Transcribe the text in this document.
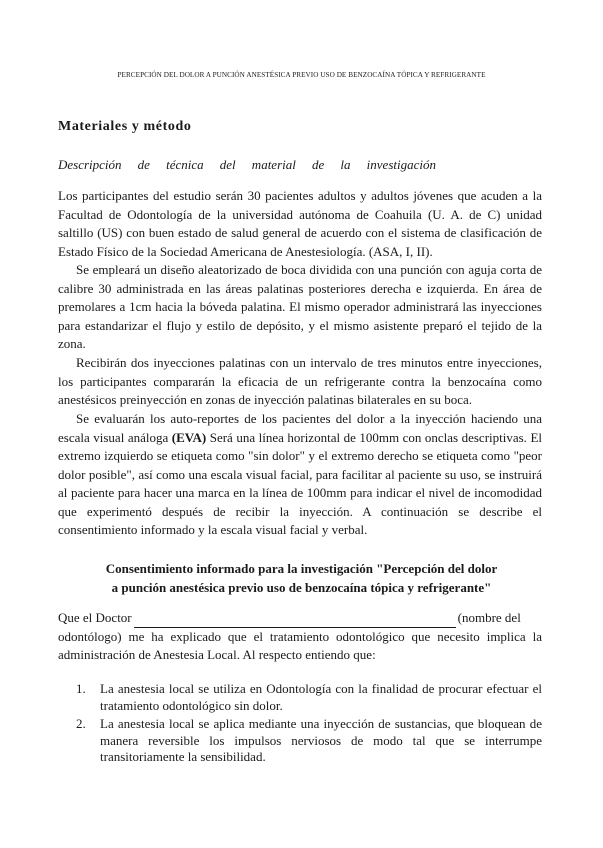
PERCEPCIÓN DEL DOLOR A PUNCIÓN ANESTÉSICA PREVIO USO DE BENZOCAÍNA TÓPICA Y REFRIGERANTE
Materiales y método
Descripción de técnica del material de la investigación

Los participantes del estudio serán 30 pacientes adultos y adultos jóvenes que acuden a la Facultad de Odontología de la universidad autónoma de Coahuila (U. A. de C) unidad saltillo (US) con buen estado de salud general de acuerdo con el sistema de clasificación de Estado Físico de la Sociedad Americana de Anestesiología. (ASA, I, II).

Se empleará un diseño aleatorizado de boca dividida con una punción con aguja corta de calibre 30 administrada en las áreas palatinas posteriores derecha e izquierda. En área de premolares a 1cm hacia la bóveda palatina. El mismo operador administrará las inyecciones para estandarizar el flujo y estilo de depósito, y el mismo asistente preparó el tejido de la zona.

Recibirán dos inyecciones palatinas con un intervalo de tres minutos entre inyecciones, los participantes compararán la eficacia de un refrigerante contra la benzocaína como anestésicos preinyección en zonas de inyección palatinas bilaterales en su boca.

Se evaluarán los auto-reportes de los pacientes del dolor a la inyección haciendo una escala visual análoga (EVA) Será una línea horizontal de 100mm con onclas descriptivas. El extremo izquierdo se etiqueta como "sin dolor" y el extremo derecho se etiqueta como "peor dolor posible", así como una escala visual facial, para facilitar al paciente su uso, se instruirá al paciente para hacer una marca en la línea de 100mm para indicar el nivel de incomodidad que experimentó después de recibir la inyección. A continuación se describe el consentimiento informado y la escala visual facial y verbal.

Consentimiento informado para la investigación "Percepción del dolor
a punción anestésica previo uso de benzocaína tópica y refrigerante"
Que el Doctor	(nombre del
odontólogo) me ha explicado que el tratamiento odontológico que necesito implica la administración de Anestesia Local. Al respecto entiendo que:
1. La anestesia local se utiliza en Odontología con la finalidad de procurar efectuar el tratamiento odontológico sin dolor.
2. La anestesia local se aplica mediante una inyección de sustancias, que bloquean de manera reversible los impulsos nerviosos de modo tal que se interrumpe transitoriamente la sensibilidad.
